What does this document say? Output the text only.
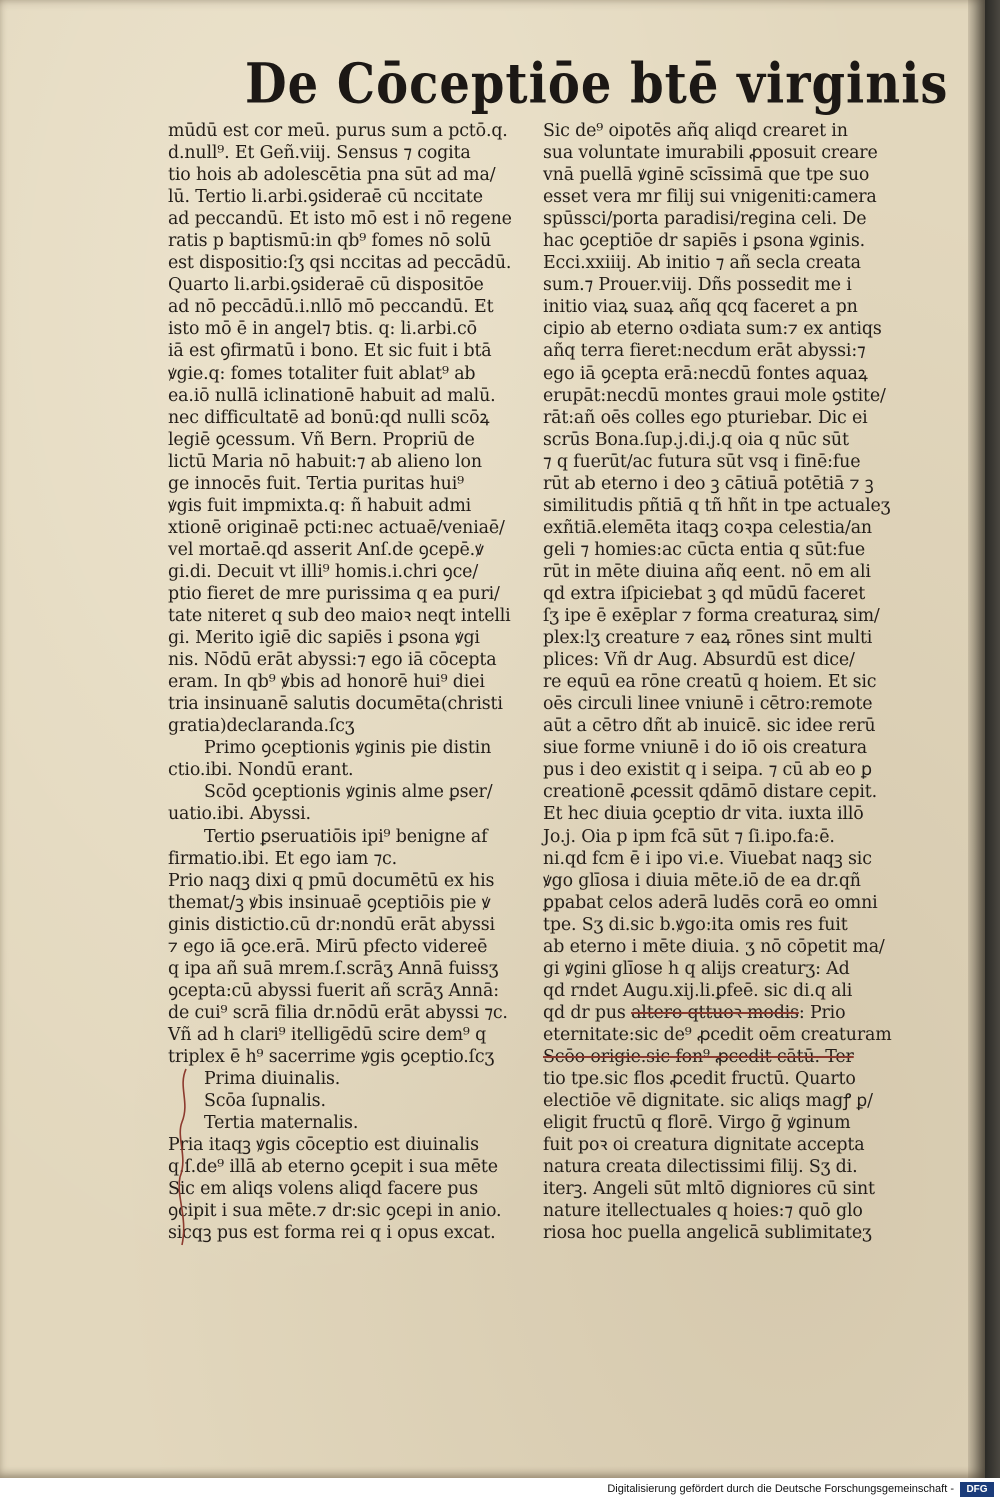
De Cōceptiōe btē virginis
mūdū est cor meū. purus sum a pctō.q.
d.null⁹. Et Geñ.viij. Sensus ⁊ cogita
tio hois ab adolescētia pna sūt ad ma/
lū. Tertio li.arbi.ꝯsideraē cū nccitate
ad peccandū. Et isto mō est i nō regene
ratis p baptismū:in qb⁹ fomes nō solū
est dispositio:ſʒ qsi nccitas ad peccādū.
Quarto li.arbi.ꝯsideraē cū dispositōe
ad nō peccādū.i.nllō mō peccandū. Et
isto mō ē in angel⁊ btis. q: li.arbi.cō
iā est ꝯfirmatū i bono. Et sic fuit i btā
ꝟgie.q: fomes totaliter fuit ablat⁹ ab
ea.iō nullā iclinationē habuit ad malū.
nec difficultatē ad bonū:qd nulli scōꝝ
legiē ꝯcessum. Vñ Bern. Propriū de
lictū Maria nō habuit:⁊ ab alieno lon
ge innocēs fuit. Tertia puritas hui⁹
ꝟgis fuit impmixta.q: ñ habuit admi
xtionē originaē pcti:nec actuaē/veniaē/
vel mortaē.qd asserit Anſ.de ꝯcepē.ꝟ
gi.di. Decuit vt illi⁹ homis.i.chri ꝯce/
ptio fieret de mre purissima q ea puri/
tate niteret q sub deo maioꝛ neqt intelli
gi. Merito igiē dic sapiēs i ꝑsona ꝟgi
nis. Nōdū erāt abyssi:⁊ ego iā cōcepta
eram. In qb⁹ ꝟbis ad honorē hui⁹ diei
tria insinuanē salutis documēta(christi
gratia)declaranda.ſcʒ
Primo ꝯceptionis ꝟginis pie distin
ctio.ibi. Nondū erant.
Scōd ꝯceptionis ꝟginis alme ꝑser/
uatio.ibi. Abyssi.
Tertio ꝑseruatiōis ipi⁹ benigne af
firmatio.ibi. Et ego iam ⁊c.
Prio naqꝫ dixi q pmū documētū ex his
themat/ꝫ ꝟbis insinuaē ꝯceptiōis pie ꝟ
ginis distictio.cū dr:nondū erāt abyssi
⁊ ego iā ꝯce.erā. Mirū pfecto videreē
q ipa añ suā mrem.ſ.scrāʒ Annā fuissʒ
ꝯcepta:cū abyssi fuerit añ scrāʒ Annā:
de cui⁹ scrā filia dr.nōdū erāt abyssi ⁊c.
Vñ ad h clari⁹ itelligēdū scire dem⁹ q
triplex ē h⁹ sacerrime ꝟgis ꝯceptio.ſcʒ
Prima diuinalis.
Scōa ſupnalis.
Tertia maternalis.
Pria itaqꝫ ꝟgis cōceptio est diuinalis
q.ſ.de⁹ illā ab eterno ꝯcepit i sua mēte
Sic em aliqs volens aliqd facere pus
ꝯcipit i sua mēte.⁊ dr:sic ꝯcepi in anio.
sicqꝫ pus est forma rei q i opus excat.
Sic de⁹ oipotēs añq aliqd crearet in
sua voluntate imurabili ꝓposuit creare
vnā puellā ꝟginē scīssimā que tpe suo
esset vera mr filij sui vnigeniti:camera
spūssci/porta paradisi/regina celi. De
hac ꝯceptiōe dr sapiēs i ꝑsona ꝟginis.
Ecci.xxiiij. Ab initio ⁊ añ secla creata
sum.⁊ Prouer.viij. Dñs possedit me i
initio viaꝝ suaꝝ añq qcq faceret a pn
cipio ab eterno oꝛdiata sum:⁊ ex antiqs
añq terra fieret:necdum erāt abyssi:⁊
ego iā ꝯcepta erā:necdū fontes aquaꝝ
erupāt:necdū montes graui mole ꝯstite/
rāt:añ oēs colles ego pturiebar. Dic ei
scrūs Bona.ſup.j.di.j.q oia q nūc sūt
⁊ q fuerūt/ac futura sūt vsq i finē:fue
rūt ab eterno i deo ꝫ cātiuā potētiā ⁊ ꝫ
similitudis pñtiā q tñ hñt in tpe actualeʒ
exñtiā.elemēta itaqꝫ coꝛpa celestia/an
geli ⁊ homies:ac cūcta entia q sūt:fue
rūt in mēte diuina añq eent. nō em ali
qd extra iſpiciebat ꝫ qd mūdū faceret
ſʒ ipe ē exēplar ⁊ forma creaturaꝝ sim/
plex:lʒ creature ⁊ eaꝝ rōnes sint multi
plices: Vñ dr Aug. Absurdū est dice/
re equū ea rōne creatū q hoiem. Et sic
oēs circuli linee vniunē i cētro:remote
aūt a cētro dñt ab inuicē. sic idee rerū
siue forme vniunē i do iō ois creatura
pus i deo existit q i seipa. ⁊ cū ab eo ꝑ
creationē ꝓcessit qdāmō distare cepit.
Et hec diuia ꝯceptio dr vita. iuxta illō
Jo.j. Oia p ipm fcā sūt ⁊ ſi.ipo.fa:ē.
ni.qd fcm ē i ipo vi.e. Viuebat naqꝫ sic
ꝟgo glīosa i diuia mēte.iō de ea dr.qñ
ꝑpabat celos aderā ludēs corā eo omni
tpe. Sʒ di.sic b.ꝟgo:ita omis res fuit
ab eterno i mēte diuia. ʒ nō cōpetit ma/
gi ꝟgini glīose h q alijs creaturʒ: Ad
qd rndet Augu.xij.li.ꝑfeē. sic di.q ali
qd dr pus altero qttuoꝛ modis: Prio
eternitate:sic de⁹ ꝓcedit oēm creaturam
Scōo origie.sic fon⁹ ꝓcedit cātū. Ter
tio tpe.sic flos ꝓcedit fructū. Quarto
electiōe vē dignitate. sic aliqs magꝭ ꝑ/
eligit fructū q florē. Virgo ḡ ꝟginum
fuit poꝛ oi creatura dignitate accepta
natura creata dilectissimi filij. Sʒ di.
iterꝫ. Angeli sūt mltō digniores cū sint
nature itellectuales q hoies:⁊ quō glo
riosa hoc puella angelicā sublimitateʒ
Digitalisierung gefördert durch die Deutsche Forschungsgemeinschaft -	DFG
